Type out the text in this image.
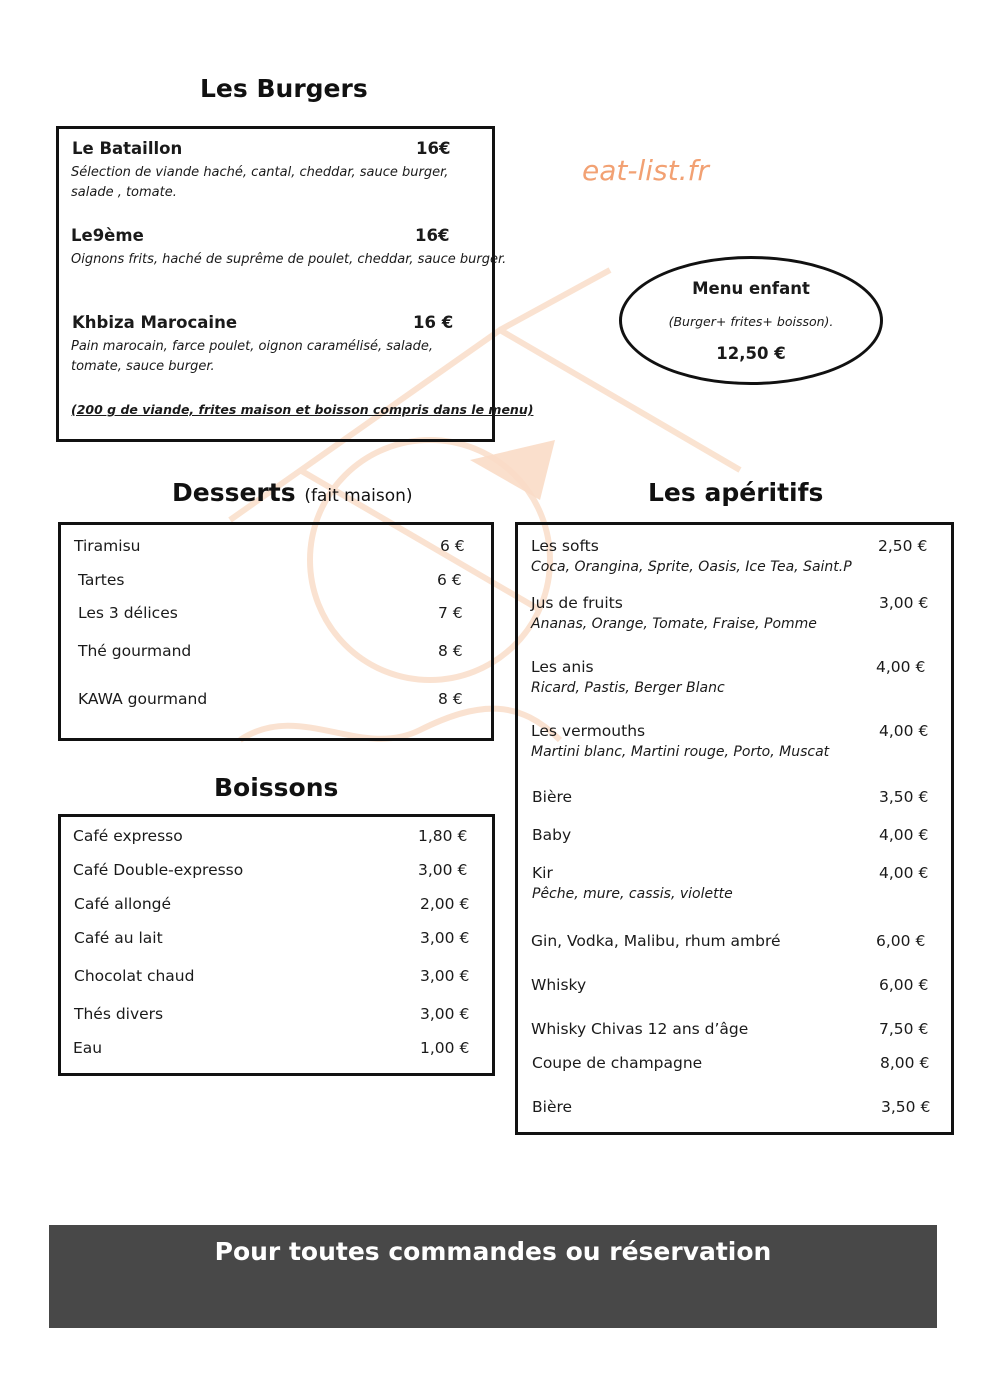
eat-list.fr
Les Burgers
Le Bataillon	16€
Sélection de viande haché, cantal, cheddar, sauce burger, salade , tomate.
Le9ème	16€
Oignons frits, haché de suprême de poulet, cheddar, sauce burger.
Khbiza Marocaine	16 €
Pain marocain, farce poulet, oignon caramélisé, salade, tomate, sauce burger.
(200 g de viande, frites maison et boisson compris dans le menu)
Menu enfant
(Burger+ frites+ boisson).
12,50 €
Desserts (fait maison)
Tiramisu	6 €
Tartes	6 €
Les 3 délices	7 €
Thé gourmand	8 €
KAWA gourmand	8 €
Boissons
Café expresso	1,80 €
Café Double-expresso	3,00 €
Café allongé	2,00 €
Café au lait	3,00 €
Chocolat chaud	3,00 €
Thés divers	3,00 €
Eau	1,00 €
Les apéritifs
Les softs	2,50 €
Coca, Orangina, Sprite, Oasis, Ice Tea, Saint.P
Jus de fruits	3,00 €
Ananas, Orange, Tomate, Fraise, Pomme
Les anis	4,00 €
Ricard, Pastis, Berger Blanc
Les vermouths	4,00 €
Martini blanc, Martini rouge, Porto, Muscat
Bière	3,50 €
Baby	4,00 €
Kir	4,00 €
Pêche, mure, cassis, violette
Gin, Vodka, Malibu, rhum ambré	6,00 €
Whisky	6,00 €
Whisky Chivas 12 ans d’âge	7,50 €
Coupe de champagne	8,00 €
Bière	3,50 €
Pour toutes commandes ou réservation
